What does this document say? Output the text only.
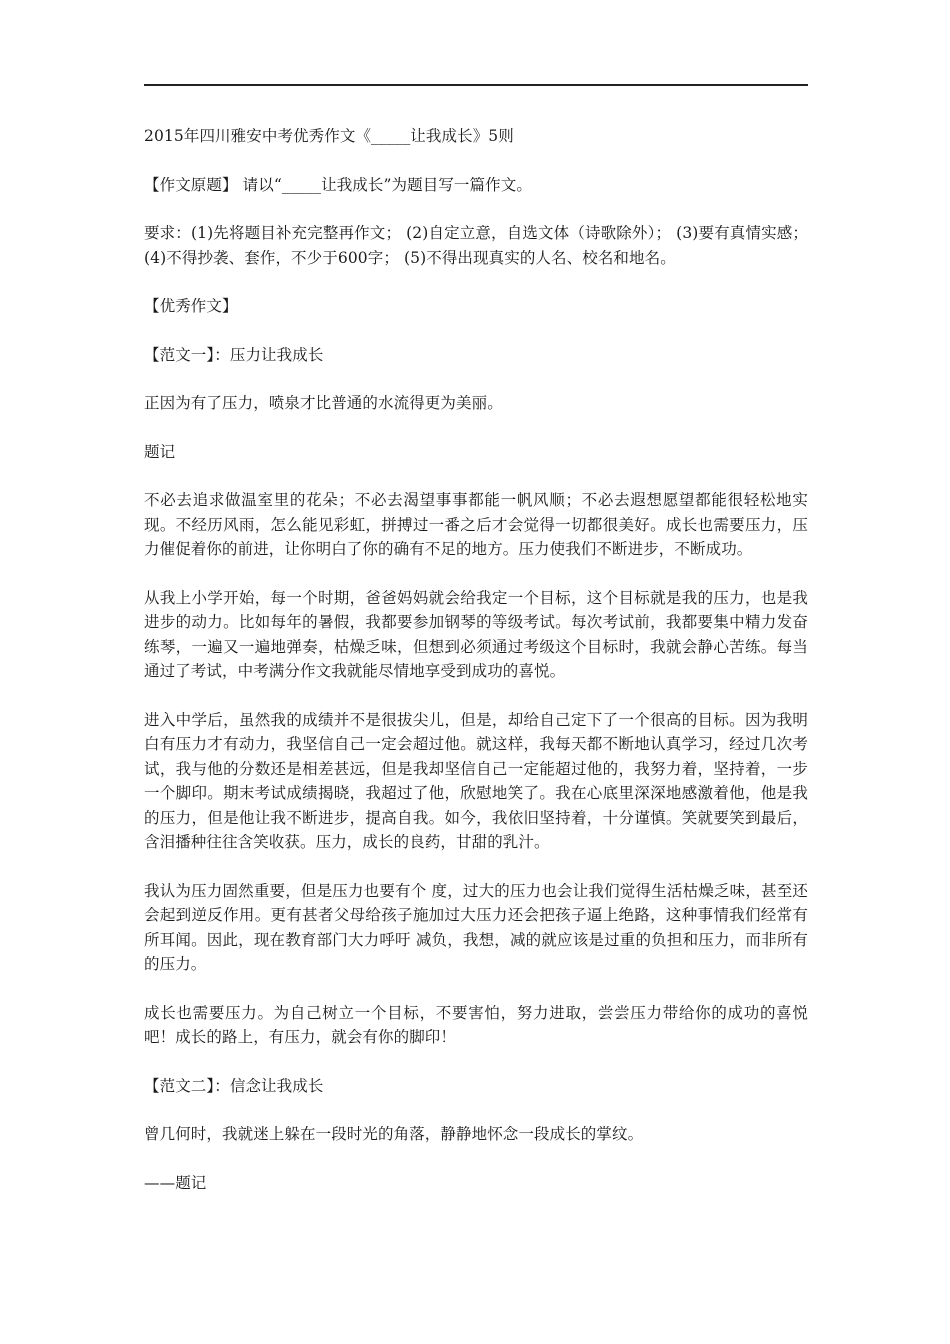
2015年四川雅安中考优秀作文《_____让我成长》5则

【作文原题】 请以“_____让我成长”为题目写一篇作文。

要求：(1)先将题目补充完整再作文； (2)自定立意，自选文体（诗歌除外）； (3)要有真情实感； (4)不得抄袭、套作，不少于600字； (5)不得出现真实的人名、校名和地名。

【优秀作文】

【范文一】：压力让我成长

正因为有了压力，喷泉才比普通的水流得更为美丽。

题记

不必去追求做温室里的花朵；不必去渴望事事都能一帆风顺；不必去遐想愿望都能很轻松地实现。不经历风雨，怎么能见彩虹，拼搏过一番之后才会觉得一切都很美好。成长也需要压力，压力催促着你的前进，让你明白了你的确有不足的地方。压力使我们不断进步，不断成功。

从我上小学开始，每一个时期，爸爸妈妈就会给我定一个目标，这个目标就是我的压力，也是我进步的动力。比如每年的暑假，我都要参加钢琴的等级考试。每次考试前，我都要集中精力发奋练琴，一遍又一遍地弹奏，枯燥乏味，但想到必须通过考级这个目标时，我就会静心苦练。每当通过了考试，中考满分作文我就能尽情地享受到成功的喜悦。

进入中学后，虽然我的成绩并不是很拔尖儿，但是，却给自己定下了一个很高的目标。因为我明白有压力才有动力，我坚信自己一定会超过他。就这样，我每天都不断地认真学习，经过几次考试，我与他的分数还是相差甚远，但是我却坚信自己一定能超过他的，我努力着，坚持着，一步一个脚印。期末考试成绩揭晓，我超过了他，欣慰地笑了。我在心底里深深地感激着他，他是我的压力，但是他让我不断进步，提高自我。如今，我依旧坚持着，十分谨慎。笑就要笑到最后，含泪播种往往含笑收获。压力，成长的良药，甘甜的乳汁。

我认为压力固然重要，但是压力也要有个 度，过大的压力也会让我们觉得生活枯燥乏味，甚至还会起到逆反作用。更有甚者父母给孩子施加过大压力还会把孩子逼上绝路，这种事情我们经常有所耳闻。因此，现在教育部门大力呼吁 减负，我想，减的就应该是过重的负担和压力，而非所有的压力。

成长也需要压力。为自己树立一个目标，不要害怕，努力进取，尝尝压力带给你的成功的喜悦吧！成长的路上，有压力，就会有你的脚印！

【范文二】：信念让我成长

曾几何时，我就迷上躲在一段时光的角落，静静地怀念一段成长的掌纹。

——题记
